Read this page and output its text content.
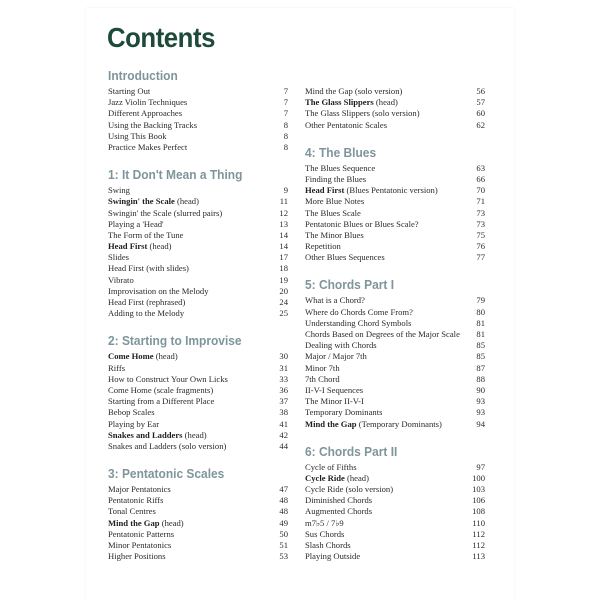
Contents
Introduction
Starting Out	7
Jazz Violin Techniques	7
Different Approaches	7
Using the Backing Tracks	8
Using This Book	8
Practice Makes Perfect	8
1: It Don't Mean a Thing
Swing	9
Swingin' the Scale (head)	11
Swingin' the Scale (slurred pairs)	12
Playing a 'Head'	13
The Form of the Tune	14
Head First (head)	14
Slides	17
Head First (with slides)	18
Vibrato	19
Improvisation on the Melody	20
Head First (rephrased)	24
Adding to the Melody	25
2: Starting to Improvise
Come Home (head)	30
Riffs	31
How to Construct Your Own Licks	33
Come Home (scale fragments)	36
Starting from a Different Place	37
Bebop Scales	38
Playing by Ear	41
Snakes and Ladders (head)	42
Snakes and Ladders (solo version)	44
3: Pentatonic Scales
Major Pentatonics	47
Pentatonic Riffs	48
Tonal Centres	48
Mind the Gap (head)	49
Pentatonic Patterns	50
Minor Pentatonics	51
Higher Positions	53
Mind the Gap (solo version)	56
The Glass Slippers (head)	57
The Glass Slippers (solo version)	60
Other Pentatonic Scales	62
4: The Blues
The Blues Sequence	63
Finding the Blues	66
Head First (Blues Pentatonic version)	70
More Blue Notes	71
The Blues Scale	73
Pentatonic Blues or Blues Scale?	73
The Minor Blues	75
Repetition	76
Other Blues Sequences	77
5: Chords Part I
What is a Chord?	79
Where do Chords Come From?	80
Understanding Chord Symbols	81
Chords Based on Degrees of the Major Scale	81
Dealing with Chords	85
Major / Major 7th	85
Minor 7th	87
7th Chord	88
II-V-I Sequences	90
The Minor II-V-I	93
Temporary Dominants	93
Mind the Gap (Temporary Dominants)	94
6: Chords Part II
Cycle of Fifths	97
Cycle Ride (head)	100
Cycle Ride (solo version)	103
Diminished Chords	106
Augmented Chords	108
m7♭5 / 7♭9	110
Sus Chords	112
Slash Chords	112
Playing Outside	113
